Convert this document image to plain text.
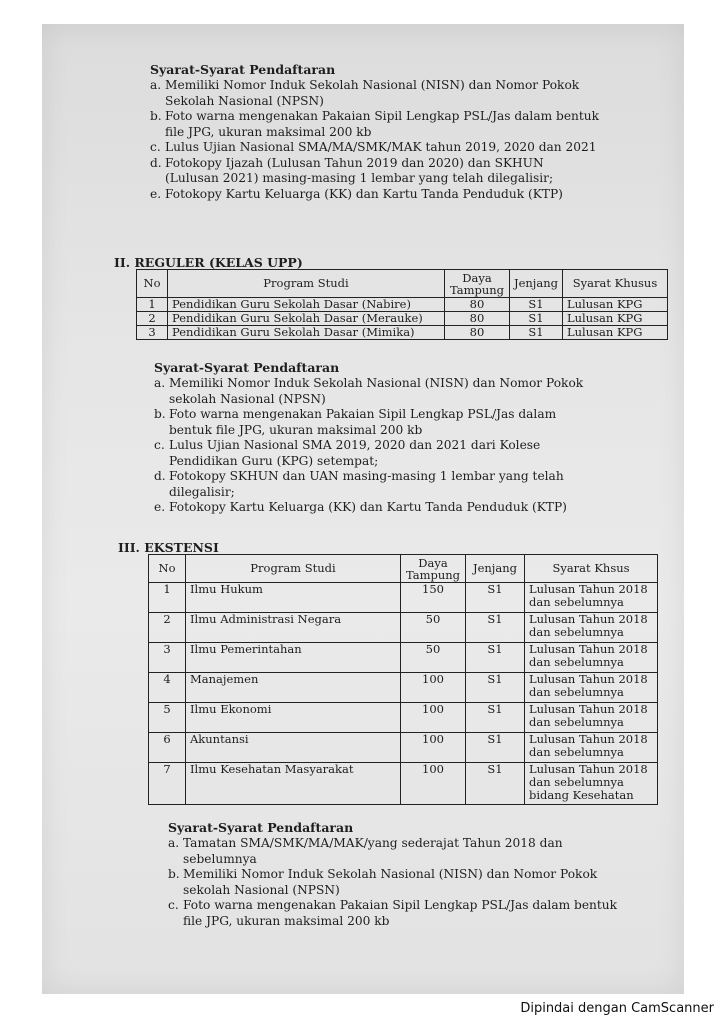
Syarat-Syarat Pendaftaran
a. Memiliki Nomor Induk Sekolah Nasional (NISN) dan Nomor Pokok Sekolah Nasional (NPSN)
b. Foto warna mengenakan Pakaian Sipil Lengkap PSL/Jas dalam bentuk file JPG, ukuran maksimal 200 kb
c. Lulus Ujian Nasional SMA/MA/SMK/MAK tahun 2019, 2020 dan 2021
d. Fotokopy Ijazah (Lulusan Tahun 2019 dan 2020) dan SKHUN (Lulusan 2021) masing-masing 1 lembar yang telah dilegalisir;
e. Fotokopy Kartu Keluarga (KK) dan Kartu Tanda Penduduk (KTP)
II. REGULER (KELAS UPP)
No	Program Studi	Daya Tampung	Jenjang	Syarat Khusus
1	Pendidikan Guru Sekolah Dasar (Nabire)	80	S1	Lulusan KPG
2	Pendidikan Guru Sekolah Dasar (Merauke)	80	S1	Lulusan KPG
3	Pendidikan Guru Sekolah Dasar (Mimika)	80	S1	Lulusan KPG
Syarat-Syarat Pendaftaran
a. Memiliki Nomor Induk Sekolah Nasional (NISN) dan Nomor Pokok sekolah Nasional (NPSN)
b. Foto warna mengenakan Pakaian Sipil Lengkap PSL/Jas dalam bentuk file JPG, ukuran maksimal 200 kb
c. Lulus Ujian Nasional SMA 2019, 2020 dan 2021 dari Kolese Pendidikan Guru (KPG) setempat;
d. Fotokopy SKHUN dan UAN masing-masing 1 lembar yang telah dilegalisir;
e. Fotokopy Kartu Keluarga (KK) dan Kartu Tanda Penduduk (KTP)
III. EKSTENSI
No	Program Studi	Daya Tampung	Jenjang	Syarat Khsus
1	Ilmu Hukum	150	S1	Lulusan Tahun 2018 dan sebelumnya
2	Ilmu Administrasi Negara	50	S1	Lulusan Tahun 2018 dan sebelumnya
3	Ilmu Pemerintahan	50	S1	Lulusan Tahun 2018 dan sebelumnya
4	Manajemen	100	S1	Lulusan Tahun 2018 dan sebelumnya
5	Ilmu Ekonomi	100	S1	Lulusan Tahun 2018 dan sebelumnya
6	Akuntansi	100	S1	Lulusan Tahun 2018 dan sebelumnya
7	Ilmu Kesehatan Masyarakat	100	S1	Lulusan Tahun 2018 dan sebelumnya bidang Kesehatan
Syarat-Syarat Pendaftaran
a. Tamatan SMA/SMK/MA/MAK/yang sederajat Tahun 2018 dan sebelumnya
b. Memiliki Nomor Induk Sekolah Nasional (NISN) dan Nomor Pokok sekolah Nasional (NPSN)
c. Foto warna mengenakan Pakaian Sipil Lengkap PSL/Jas dalam bentuk file JPG, ukuran maksimal 200 kb
Dipindai dengan CamScanner
